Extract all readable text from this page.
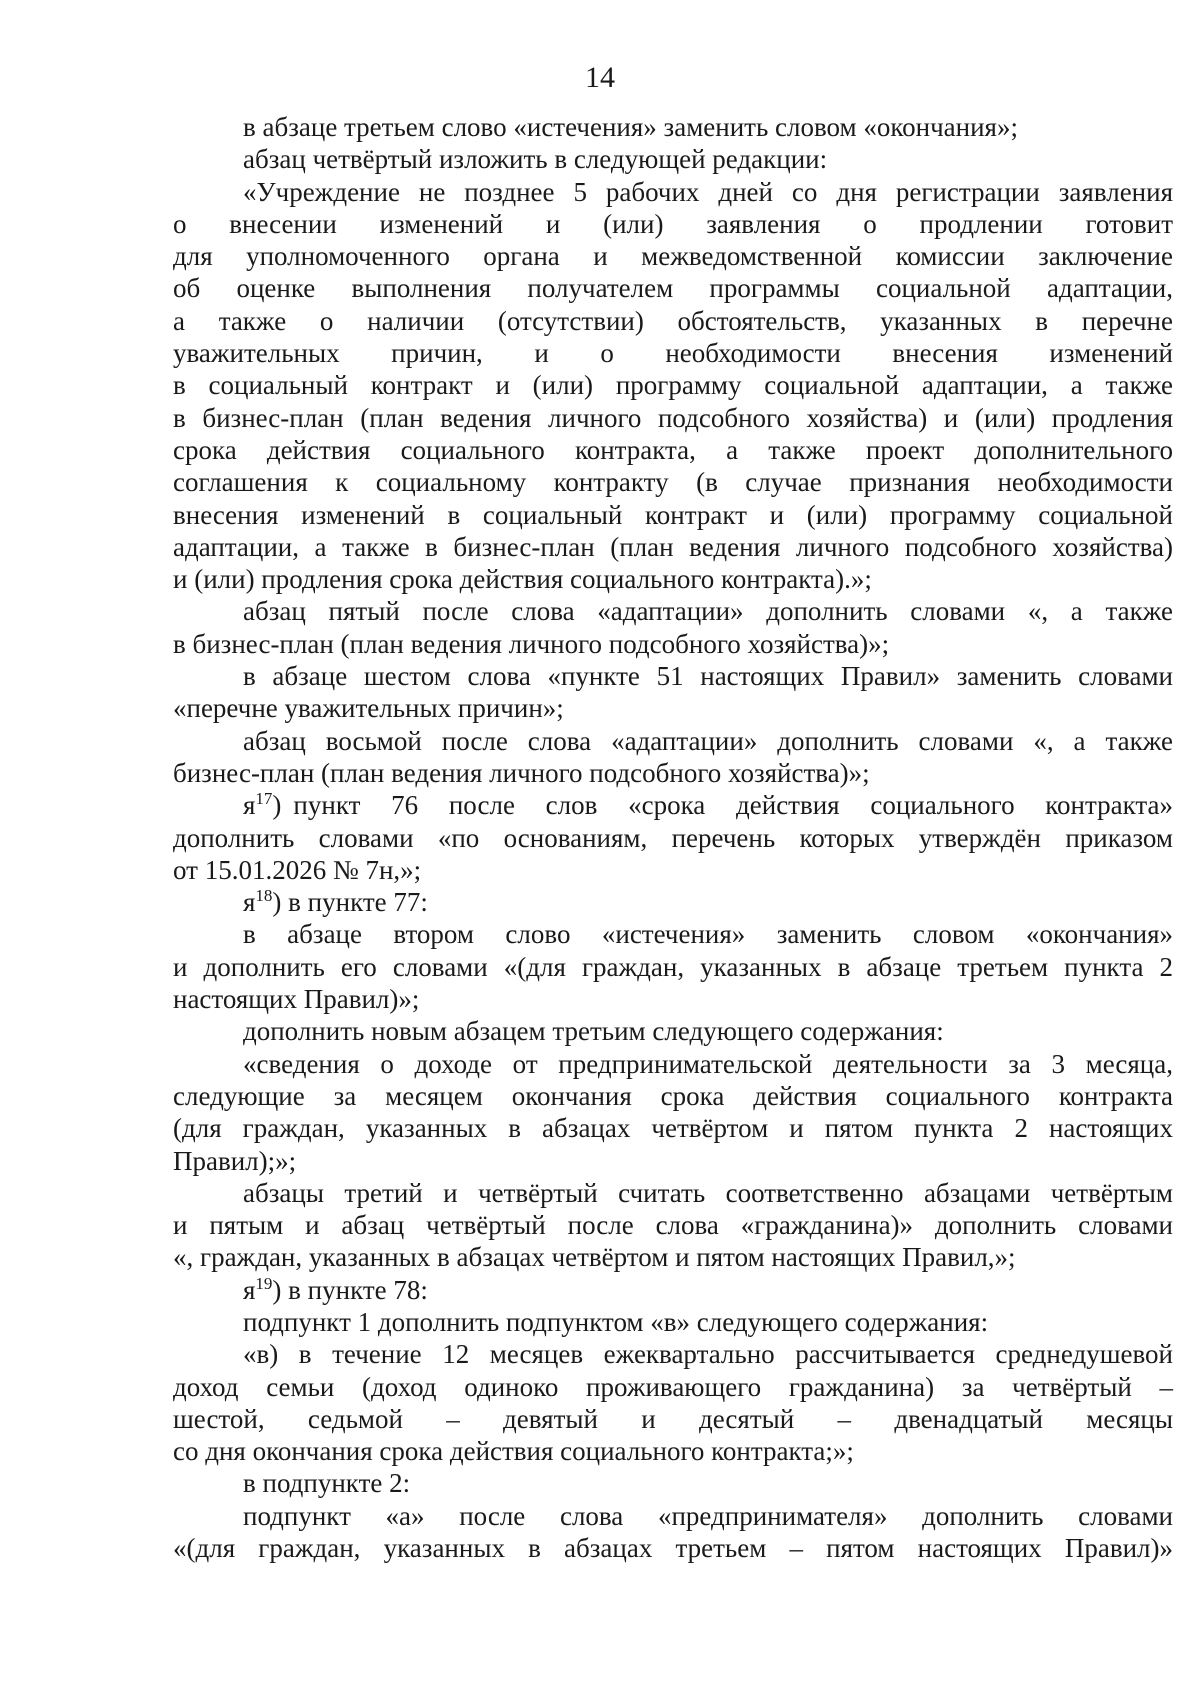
14
в абзаце третьем слово «истечения» заменить словом «окончания»;
абзац четвёртый изложить в следующей редакции:
«Учреждение не позднее 5 рабочих дней со дня регистрации заявления
о внесении изменений и (или) заявления о продлении готовит
для уполномоченного органа и межведомственной комиссии заключение
об оценке выполнения получателем программы социальной адаптации,
а также о наличии (отсутствии) обстоятельств, указанных в перечне
уважительных причин, и о необходимости внесения изменений
в социальный контракт и (или) программу социальной адаптации, а также
в бизнес-план (план ведения личного подсобного хозяйства) и (или) продления
срока действия социального контракта, а также проект дополнительного
соглашения к социальному контракту (в случае признания необходимости
внесения изменений в социальный контракт и (или) программу социальной
адаптации, а также в бизнес-план (план ведения личного подсобного хозяйства)
и (или) продления срока действия социального контракта).»;
абзац пятый после слова «адаптации» дополнить словами «, а также
в бизнес-план (план ведения личного подсобного хозяйства)»;
в абзаце шестом слова «пункте 51 настоящих Правил» заменить словами
«перечне уважительных причин»;
абзац восьмой после слова «адаптации» дополнить словами «, а также
бизнес-план (план ведения личного подсобного хозяйства)»;
$я^{17}$) пункт 76 после слов «срока действия социального контракта»
дополнить словами «по основаниям, перечень которых утверждён приказом
от 15.01.2026 № 7н,»;
$я^{18}$) в пункте 77:
в абзаце втором слово «истечения» заменить словом «окончания»
и дополнить его словами «(для граждан, указанных в абзаце третьем пункта 2
настоящих Правил)»;
дополнить новым абзацем третьим следующего содержания:
«сведения о доходе от предпринимательской деятельности за 3 месяца,
следующие за месяцем окончания срока действия социального контракта
(для граждан, указанных в абзацах четвёртом и пятом пункта 2 настоящих
Правил);»;
абзацы третий и четвёртый считать соответственно абзацами четвёртым
и пятым и абзац четвёртый после слова «гражданина)» дополнить словами
«, граждан, указанных в абзацах четвёртом и пятом настоящих Правил,»;
$я^{19}$) в пункте 78:
подпункт 1 дополнить подпунктом «в» следующего содержания:
«в) в течение 12 месяцев ежеквартально рассчитывается среднедушевой
доход семьи (доход одиноко проживающего гражданина) за четвёртый –
шестой, седьмой – девятый и десятый – двенадцатый месяцы
со дня окончания срока действия социального контракта;»;
в подпункте 2:
подпункт «а» после слова «предпринимателя» дополнить словами
«(для граждан, указанных в абзацах третьем – пятом настоящих Правил)»
